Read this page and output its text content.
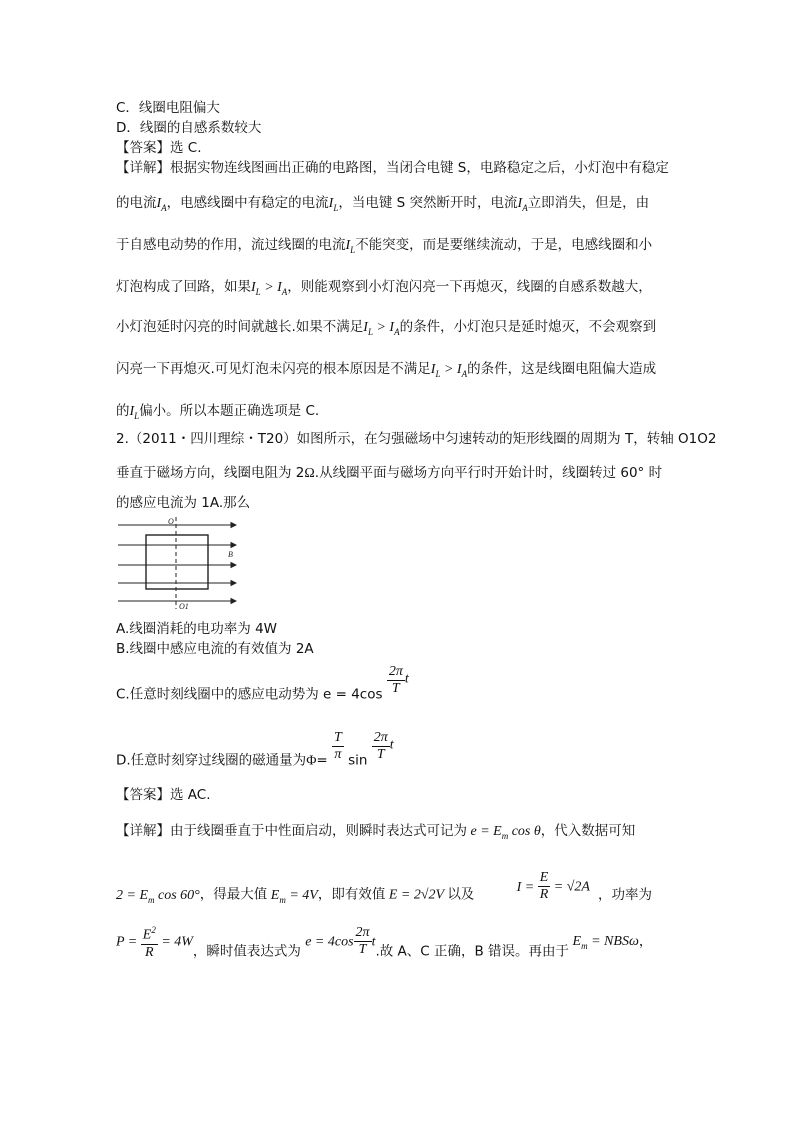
C．线圈电阻偏大
D．线圈的自感系数较大
【答案】选 C.
【详解】根据实物连线图画出正确的电路图，当闭合电键 S，电路稳定之后，小灯泡中有稳定
的电流$I_A$，电感线圈中有稳定的电流$I_L$，当电键 S 突然断开时，电流$I_A$立即消失，但是，由
于自感电动势的作用，流过线圈的电流$I_L$不能突变，而是要继续流动，于是，电感线圈和小
灯泡构成了回路，如果$I_L > I_A$，则能观察到小灯泡闪亮一下再熄灭，线圈的自感系数越大，
小灯泡延时闪亮的时间就越长.如果不满足$I_L > I_A$的条件，小灯泡只是延时熄灭，不会观察到
闪亮一下再熄灭.可见灯泡未闪亮的根本原因是不满足$I_L > I_A$的条件，这是线圈电阻偏大造成
的$I_L$偏小。所以本题正确选项是 C.
2.（2011・四川理综・T20）如图所示，在匀强磁场中匀速转动的矩形线圈的周期为 T，转轴 O1O2
垂直于磁场方向，线圈电阻为 2Ω.从线圈平面与磁场方向平行时开始计时，线圈转过 60° 时
的感应电流为 1A.那么
O
O1
B
A.线圈消耗的电功率为 4W
B.线圈中感应电流的有效值为 2A
C.任意时刻线圈中的感应电动势为 $e = 4\cos \frac{2\pi}{T}$ t
D.任意时刻穿过线圈的磁通量为$\Phi= \frac{T}{\pi}$ $\sin \frac{2\pi}{T}$ t
【答案】选 AC.
【详解】由于线圈垂直于中性面启动，则瞬时表达式可记为 $e = E_m$ cos θ，代入数据可知
$2 = E_m$ cos 60°，得最大值 $E_m = 4V$，即有效值 E = 2√2V 以及	$I = \frac{E}{R} = √2A$ ，功率为
$P = \frac{E^2}{R} = 4W$，瞬时值表达式为 $e = 4\cos \frac{2\pi}{T} t$.故 A、C 正确，B 错误。再由于 $E_m = NBS\omega$，
